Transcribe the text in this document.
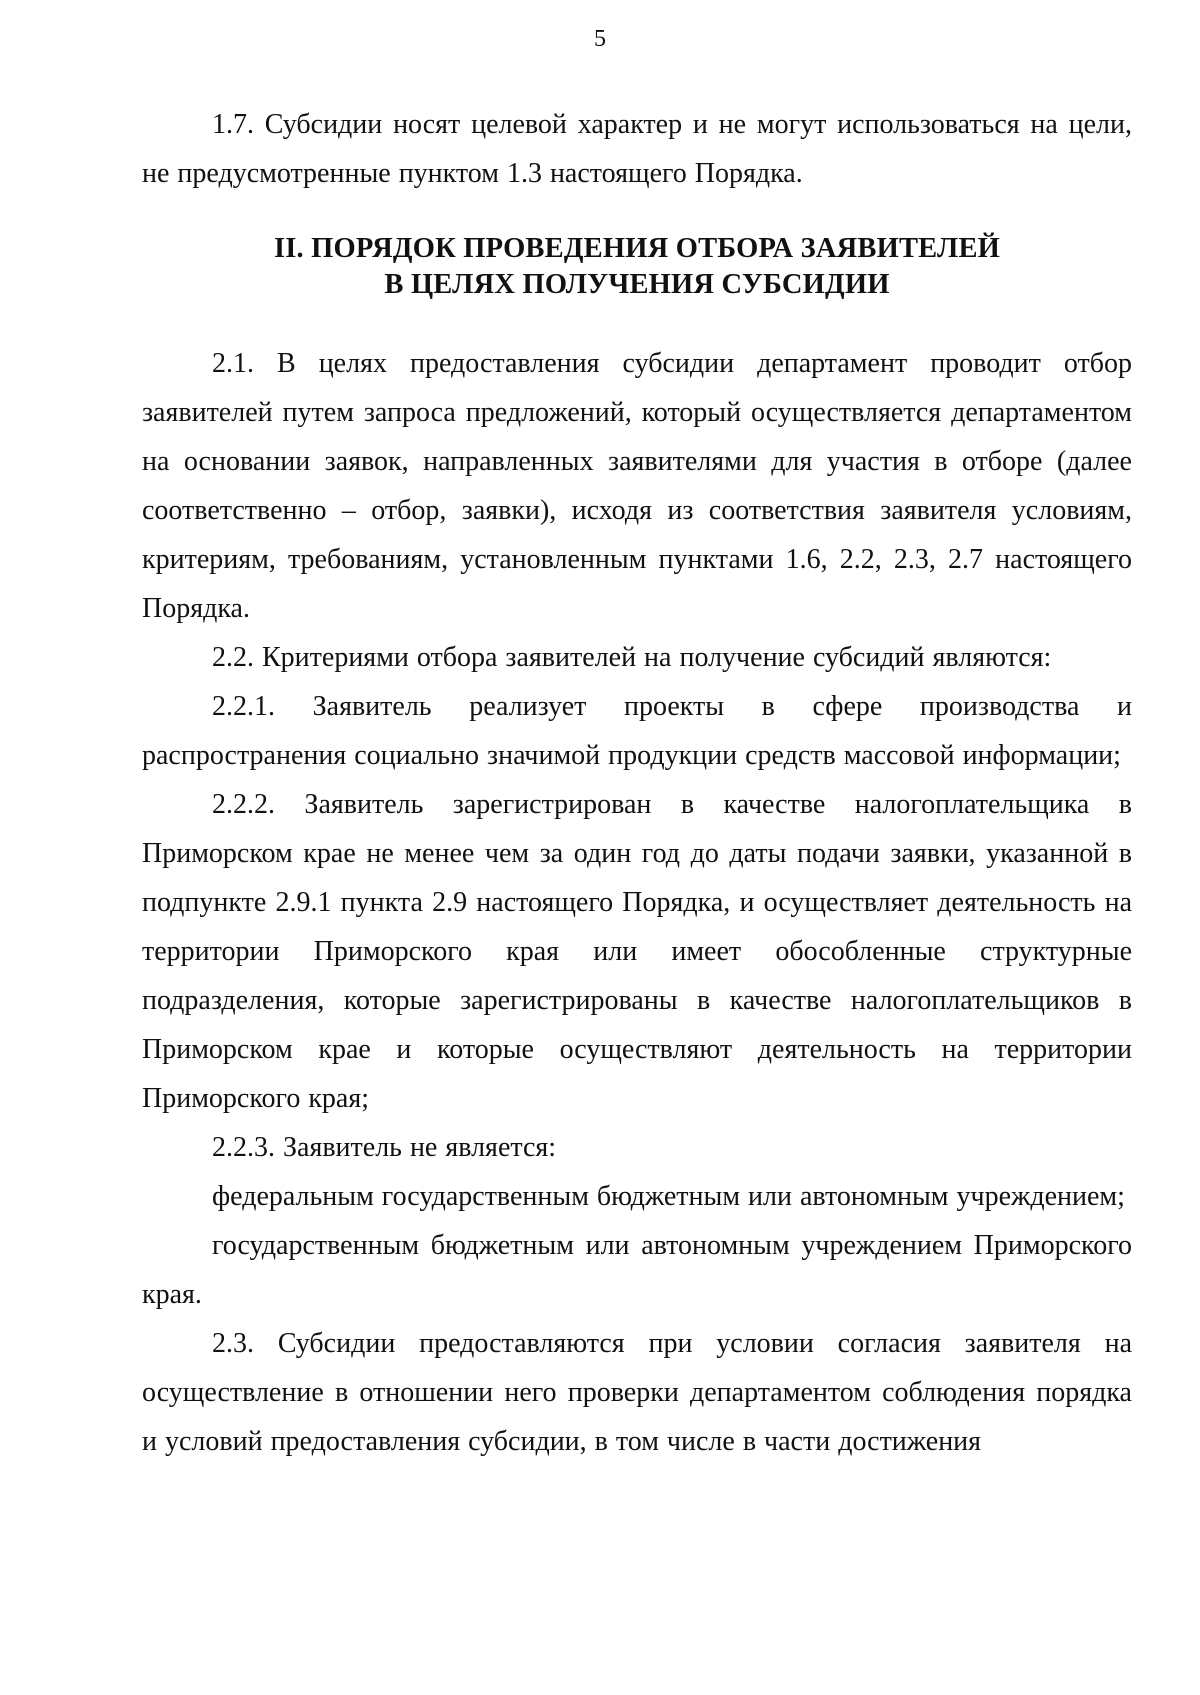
5

1.7. Субсидии носят целевой характер и не могут использоваться на цели, не предусмотренные пунктом 1.3 настоящего Порядка.

II. ПОРЯДОК ПРОВЕДЕНИЯ ОТБОРА ЗАЯВИТЕЛЕЙ
В ЦЕЛЯХ ПОЛУЧЕНИЯ СУБСИДИИ

2.1. В целях предоставления субсидии департамент проводит отбор заявителей путем запроса предложений, который осуществляется департаментом на основании заявок, направленных заявителями для участия в отборе (далее соответственно – отбор, заявки), исходя из соответствия заявителя условиям, критериям, требованиям, установленным пунктами 1.6, 2.2, 2.3, 2.7 настоящего Порядка.

2.2. Критериями отбора заявителей на получение субсидий являются:

2.2.1. Заявитель реализует проекты в сфере производства и распространения социально значимой продукции средств массовой информации;

2.2.2. Заявитель зарегистрирован в качестве налогоплательщика в Приморском крае не менее чем за один год до даты подачи заявки, указанной в подпункте 2.9.1 пункта 2.9 настоящего Порядка, и осуществляет деятельность на территории Приморского края или имеет обособленные структурные подразделения, которые зарегистрированы в качестве налогоплательщиков в Приморском крае и которые осуществляют деятельность на территории Приморского края;

2.2.3. Заявитель не является:

федеральным государственным бюджетным или автономным учреждением;

государственным бюджетным или автономным учреждением Приморского края.

2.3. Субсидии предоставляются при условии согласия заявителя на осуществление в отношении него проверки департаментом соблюдения порядка и условий предоставления субсидии, в том числе в части достижения
